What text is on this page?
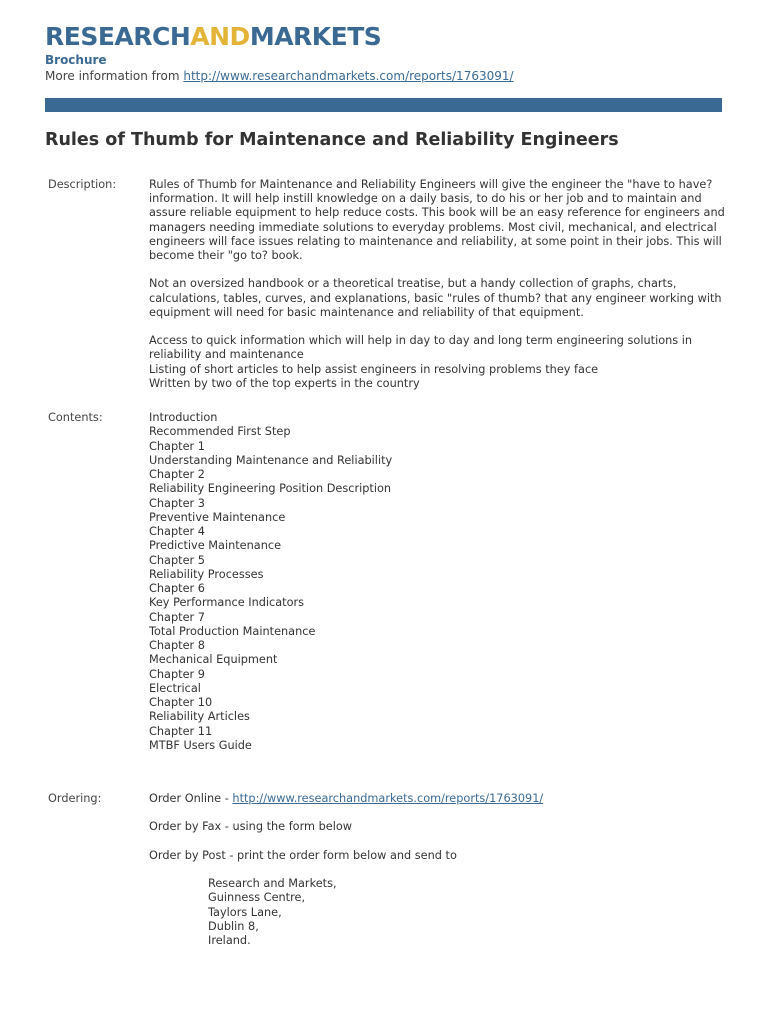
RESEARCHANDMARKETS
Brochure
More information from http://www.researchandmarkets.com/reports/1763091/
Rules of Thumb for Maintenance and Reliability Engineers
Description:	Rules of Thumb for Maintenance and Reliability Engineers will give the engineer the "have to have? information. It will help instill knowledge on a daily basis, to do his or her job and to maintain and assure reliable equipment to help reduce costs. This book will be an easy reference for engineers and managers needing immediate solutions to everyday problems. Most civil, mechanical, and electrical engineers will face issues relating to maintenance and reliability, at some point in their jobs. This will become their "go to? book.

Not an oversized handbook or a theoretical treatise, but a handy collection of graphs, charts, calculations, tables, curves, and explanations, basic "rules of thumb? that any engineer working with equipment will need for basic maintenance and reliability of that equipment.

Access to quick information which will help in day to day and long term engineering solutions in reliability and maintenance
Listing of short articles to help assist engineers in resolving problems they face
Written by two of the top experts in the country
Contents:	Introduction
Recommended First Step
Chapter 1
Understanding Maintenance and Reliability
Chapter 2
Reliability Engineering Position Description
Chapter 3
Preventive Maintenance
Chapter 4
Predictive Maintenance
Chapter 5
Reliability Processes
Chapter 6
Key Performance Indicators
Chapter 7
Total Production Maintenance
Chapter 8
Mechanical Equipment
Chapter 9
Electrical
Chapter 10
Reliability Articles
Chapter 11
MTBF Users Guide
Ordering:	Order Online - http://www.researchandmarkets.com/reports/1763091/

Order by Fax - using the form below

Order by Post - print the order form below and send to

Research and Markets,
Guinness Centre,
Taylors Lane,
Dublin 8,
Ireland.
